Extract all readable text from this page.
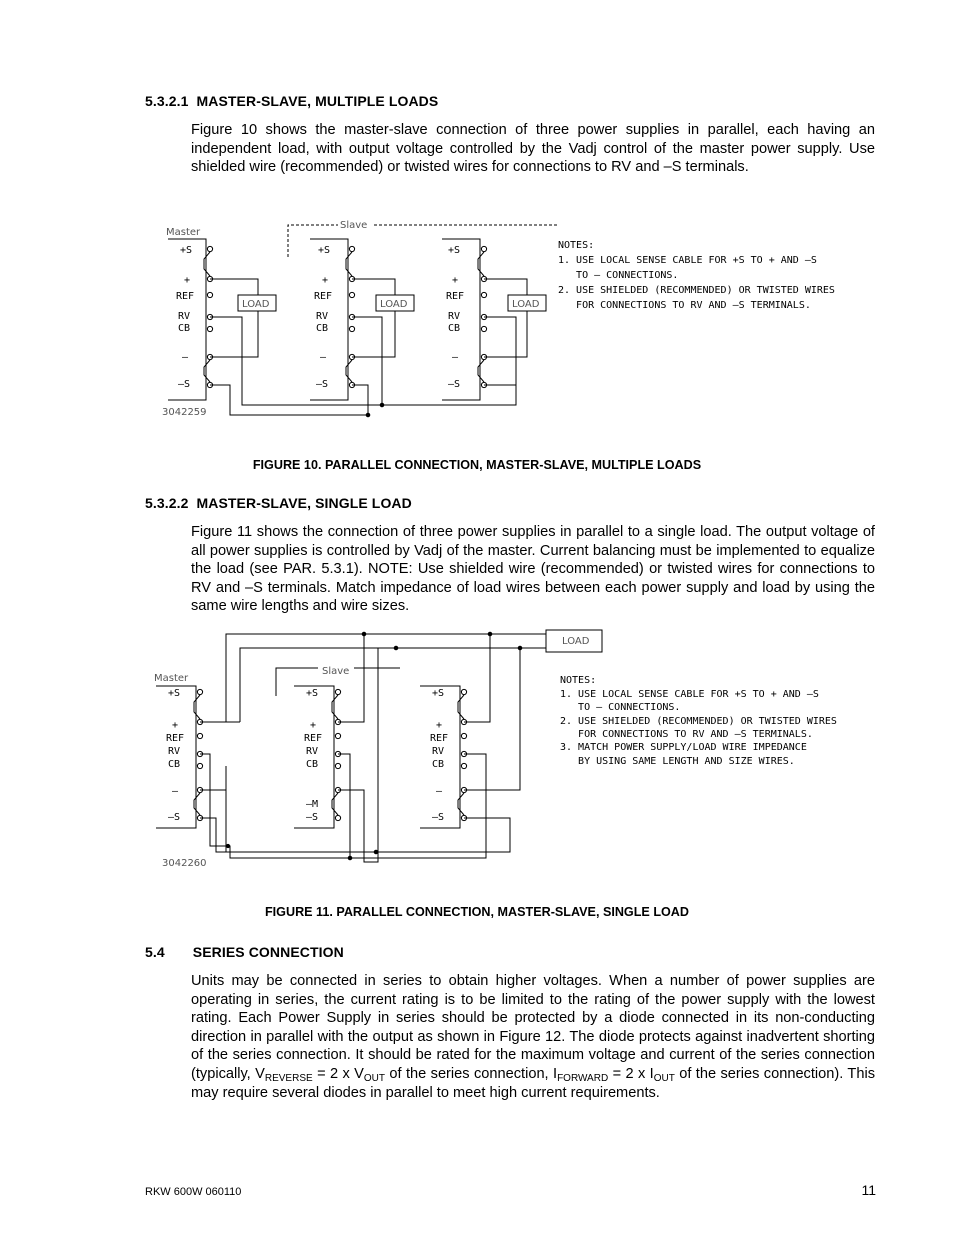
5.3.2.1 MASTER-SLAVE, MULTIPLE LOADS
Figure 10 shows the master-slave connection of three power supplies in parallel, each having an independent load, with output voltage controlled by the Vadj control of the master power supply. Use shielded wire (recommended) or twisted wires for connections to RV and –S terminals.
Master
Slave
+S
+
REF
RV
CB
–
–S
+S
+
REF
RV
CB
–
–S
+S
+
REF
RV
CB
–
–S
LOAD	LOAD	LOAD
3042259
NOTES:
1. USE LOCAL SENSE CABLE FOR +S TO + AND –S
TO – CONNECTIONS.
2. USE SHIELDED (RECOMMENDED) OR TWISTED WIRES
FOR CONNECTIONS TO RV AND –S TERMINALS.
FIGURE 10. PARALLEL CONNECTION, MASTER-SLAVE, MULTIPLE LOADS
5.3.2.2 MASTER-SLAVE, SINGLE LOAD
Figure 11 shows the connection of three power supplies in parallel to a single load. The output voltage of all power supplies is controlled by Vadj of the master. Current balancing must be implemented to equalize the load (see PAR. 5.3.1). NOTE: Use shielded wire (recommended) or twisted wires for connections to RV and –S terminals. Match impedance of load wires between each power supply and load by using the same wire lengths and wire sizes.
Master
Slave
+S
+
REF
RV
CB
–
–S
+S
+
REF
RV
CB
–M
–S
+S
+
REF
RV
CB
–
–S
LOAD
3042260
NOTES:
1. USE LOCAL SENSE CABLE FOR +S TO + AND –S
TO – CONNECTIONS.
2. USE SHIELDED (RECOMMENDED) OR TWISTED WIRES
FOR CONNECTIONS TO RV AND –S TERMINALS.
3. MATCH POWER SUPPLY/LOAD WIRE IMPEDANCE
BY USING SAME LENGTH AND SIZE WIRES.
FIGURE 11. PARALLEL CONNECTION, MASTER-SLAVE, SINGLE LOAD
5.4 SERIES CONNECTION
Units may be connected in series to obtain higher voltages. When a number of power supplies are operating in series, the current rating is to be limited to the rating of the power supply with the lowest rating. Each Power Supply in series should be protected by a diode connected in its non-conducting direction in parallel with the output as shown in Figure 12. The diode protects against inadvertent shorting of the series connection. It should be rated for the maximum voltage and current of the series connection (typically, $V_{REVERSE} = 2$ x $V_{OUT}$ of the series connection, $I_{FORWARD} = 2$ x $I_{OUT}$ of the series connection). This may require several diodes in parallel to meet high current requirements.
RKW 600W 060110	11
